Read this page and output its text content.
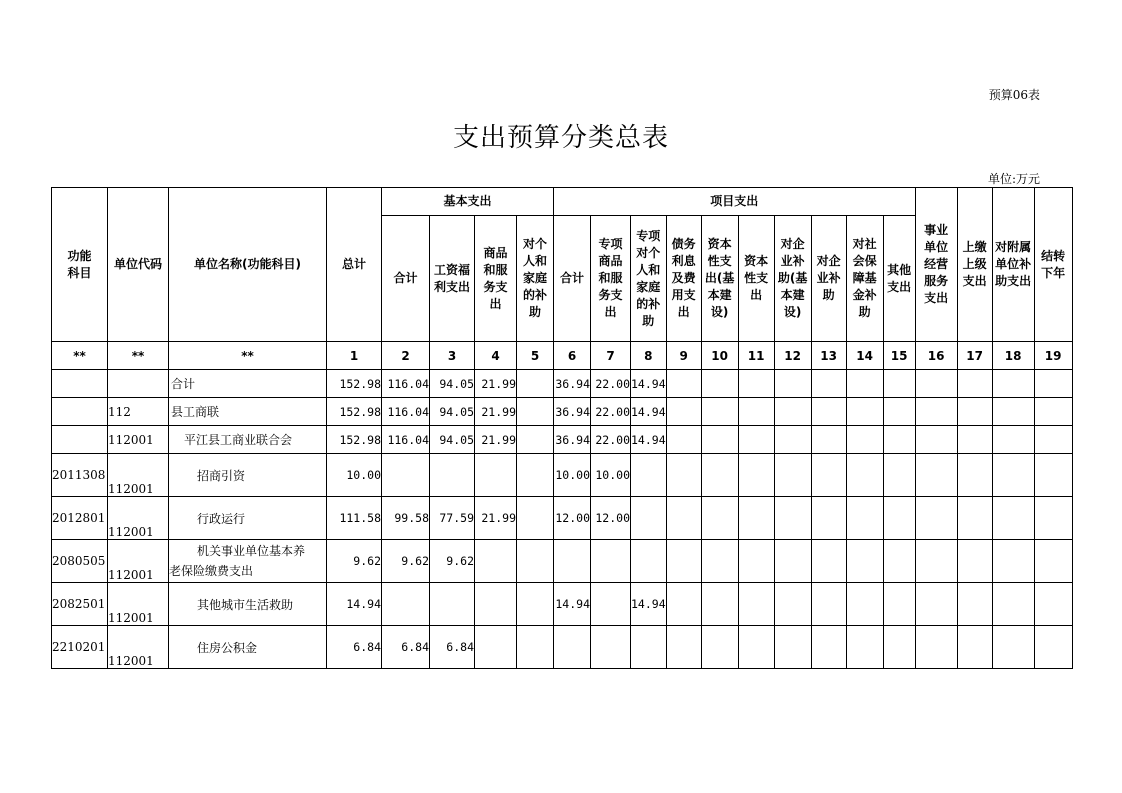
预算06表
支出预算分类总表
单位:万元
功能科目	单位代码	单位名称(功能科目)	总计	基本支出				项目支出										事业单位经营服务支出	上缴上级支出	对附属单位补助支出	结转下年
				合计	工资福利支出	商品和服务支出	对个人和家庭的补助	合计	专项商品和服务支出	专项对个人和家庭的补助	债务利息及费用支出	资本性支出(基本建设)	资本性支出	对企业补助(基本建设)	对企业补助	对社会保障基金补助	其他支出				
**	**	**	1	2	3	4	5	6	7	8	9	10	11	12	13	14	15	16	17	18	19
		合计	152.98	116.04	94.05	21.99		36.94	22.00	14.94											
	112	县工商联	152.98	116.04	94.05	21.99		36.94	22.00	14.94											
	112001	平江县工商业联合会	152.98	116.04	94.05	21.99		36.94	22.00	14.94											
2011308	112001	招商引资	10.00					10.00	10.00												
2012801	112001	行政运行	111.58	99.58	77.59	21.99		12.00	12.00												
2080505	112001	机关事业单位基本养
老保险缴费支出	9.62	9.62	9.62																
2082501	112001	其他城市生活救助	14.94					14.94		14.94											
2210201	112001	住房公积金	6.84	6.84	6.84																
